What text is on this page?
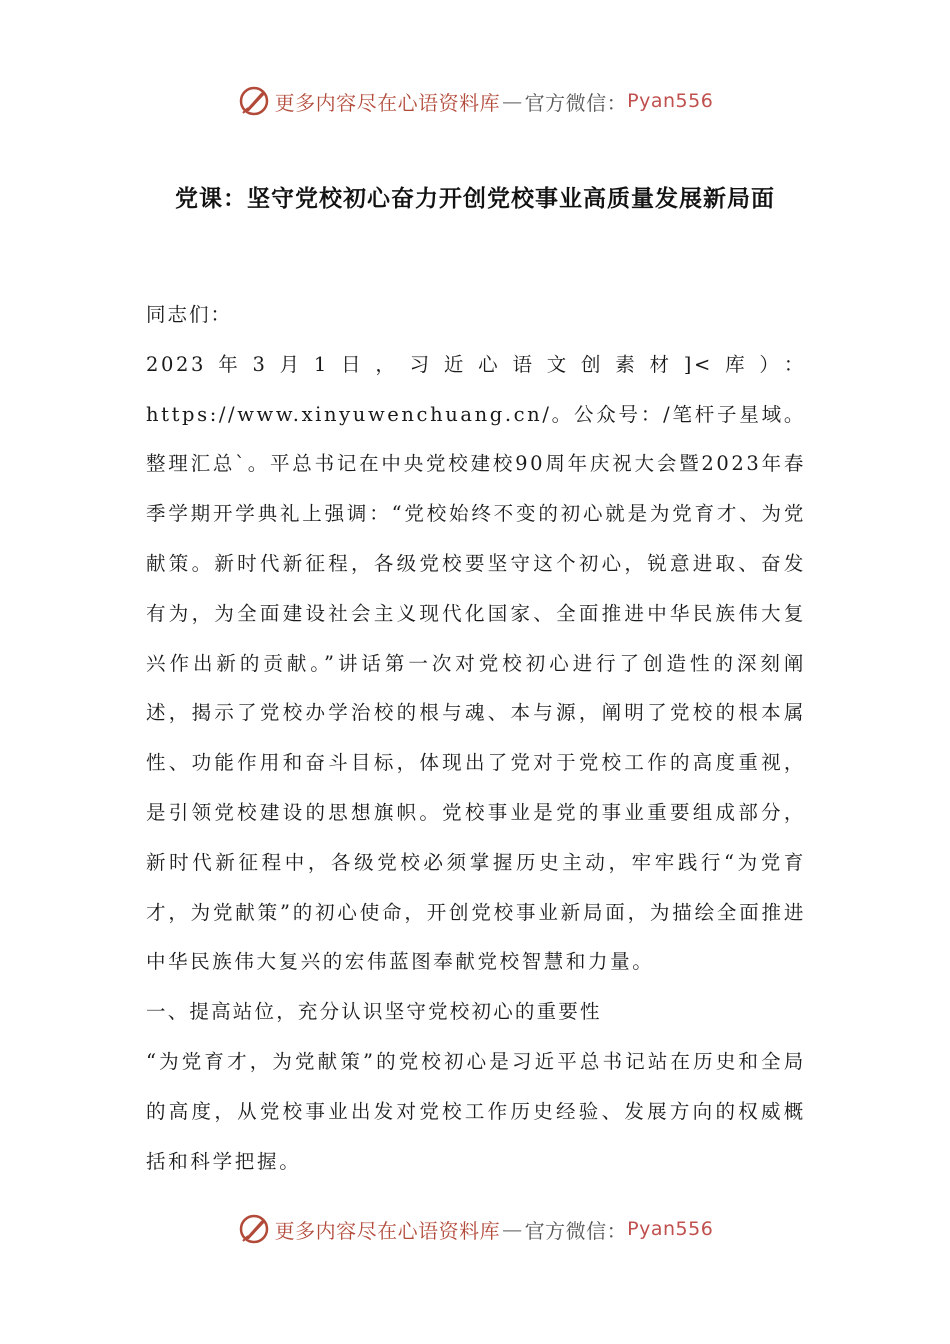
更多内容尽在心语资料库 — 官方微信： Pyan556
党课：坚守党校初心奋力开创党校事业高质量发展新局面

同志们：

2023年3月1日，习近心语文创素材]<库）：https://www.xinyuwenchuang.cn/。公众号：/笔杆子星域。整理汇总`。平总书记在中央党校建校90周年庆祝大会暨2023年春季学期开学典礼上强调：“党校始终不变的初心就是为党育才、为党献策。新时代新征程，各级党校要坚守这个初心，锐意进取、奋发有为，为全面建设社会主义现代化国家、全面推进中华民族伟大复兴作出新的贡献。”讲话第一次对党校初心进行了创造性的深刻阐述，揭示了党校办学治校的根与魂、本与源，阐明了党校的根本属性、功能作用和奋斗目标，体现出了党对于党校工作的高度重视，是引领党校建设的思想旗帜。党校事业是党的事业重要组成部分，新时代新征程中，各级党校必须掌握历史主动，牢牢践行“为党育才，为党献策”的初心使命，开创党校事业新局面，为描绘全面推进中华民族伟大复兴的宏伟蓝图奉献党校智慧和力量。

一、提高站位，充分认识坚守党校初心的重要性

“为党育才，为党献策”的党校初心是习近平总书记站在历史和全局的高度，从党校事业出发对党校工作历史经验、发展方向的权威概括和科学把握。

更多内容尽在心语资料库 — 官方微信： Pyan556
